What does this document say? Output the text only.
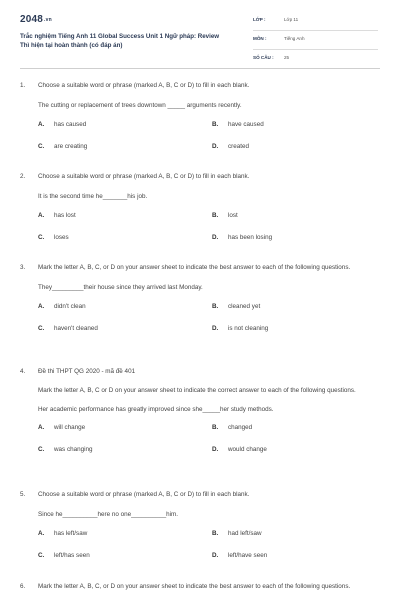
$2048^{.vn}$
Trắc nghiệm Tiếng Anh 11 Global Success Unit 1 Ngữ pháp: Review Thì hiện tại hoàn thành (có đáp án)
LỚP :	Lớp 11
MÔN :	Tiếng Anh
SỐ CÂU : 25
1. Choose a suitable word or phrase (marked A, B, C or D) to fill in each blank.
The cutting or replacement of trees downtown _____ arguments recently.
A. has caused	B. have caused
C. are creating	D. created
2. Choose a suitable word or phrase (marked A, B, C or D) to fill in each blank.
It is the second time he_______his job.
A. has lost	B. lost
C. loses	D. has been losing
3. Mark the letter A, B, C, or D on your answer sheet to indicate the best answer to each of the following questions.
They_________their house since they arrived last Monday.
A. didn't clean	B. cleaned yet
C. haven't cleaned	D. is not cleaning
4. Đề thi THPT QG 2020 - mã đề 401
Mark the letter A, B, C or D on your answer sheet to indicate the correct answer to each of the following questions.
Her academic performance has greatly improved since she_____her study methods.
A. will change	B. changed
C. was changing	D. would change
5. Choose a suitable word or phrase (marked A, B, C or D) to fill in each blank.
Since he__________here no one__________him.
A. has left/saw	B. had left/saw
C. left/has seen	D. left/have seen
6. Mark the letter A, B, C, or D on your answer sheet to indicate the best answer to each of the following questions.
